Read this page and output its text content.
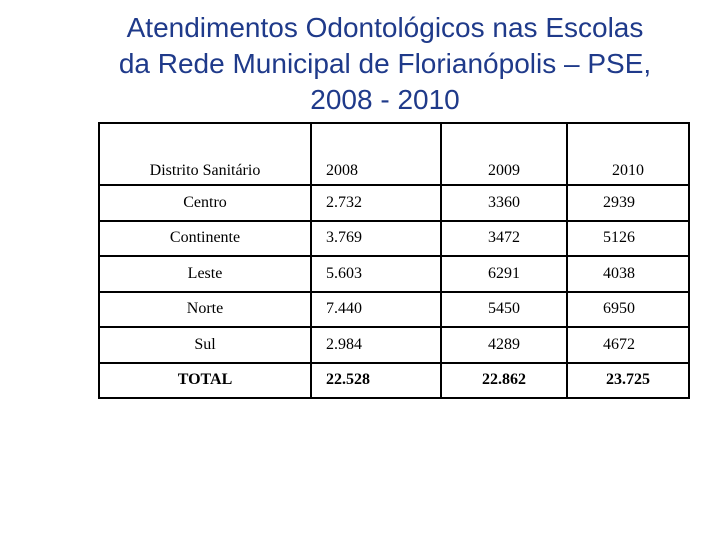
Atendimentos Odontológicos nas Escolas
da Rede Municipal de Florianópolis – PSE,
2008 - 2010
Distrito Sanitário	2008	2009	2010
Centro	2.732	3360	2939
Continente	3.769	3472	5126
Leste	5.603	6291	4038
Norte	7.440	5450	6950
Sul	2.984	4289	4672
TOTAL	22.528	22.862	23.725
